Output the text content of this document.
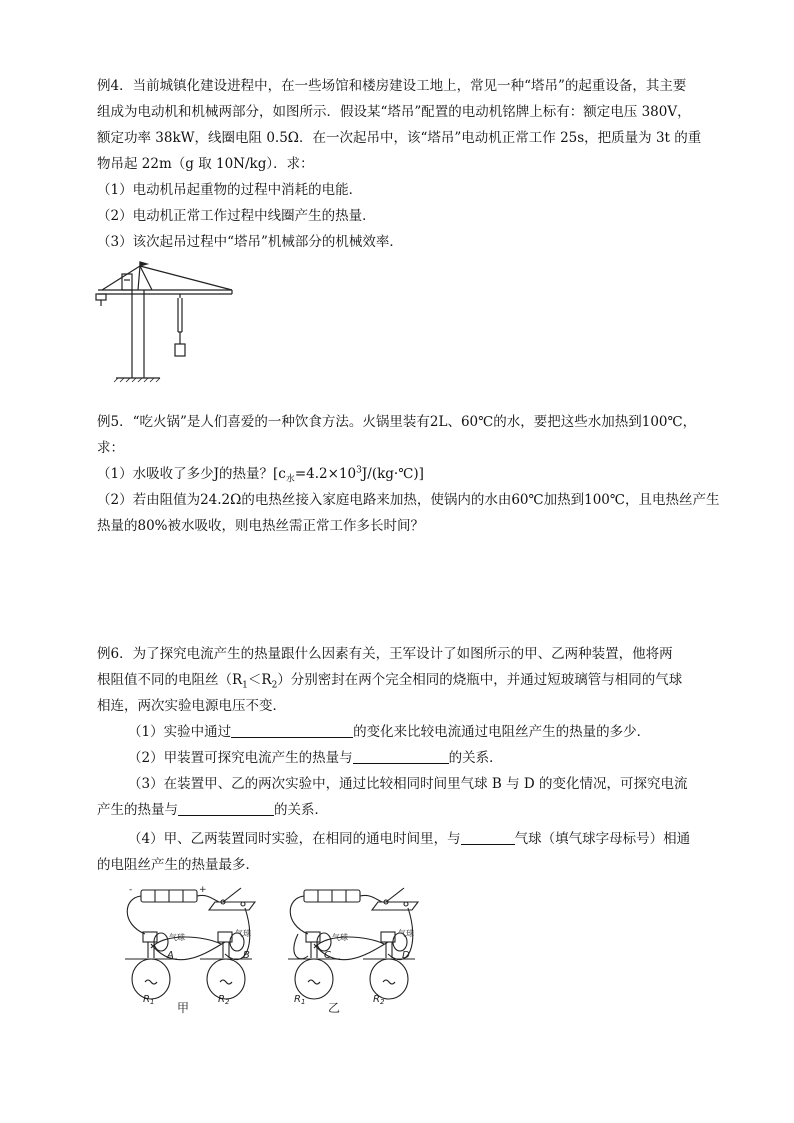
例4．当前城镇化建设进程中，在一些场馆和楼房建设工地上，常见一种“塔吊”的起重设备，其主要
组成为电动机和机械两部分，如图所示．假设某“塔吊”配置的电动机铭牌上标有：额定电压 380V，
额定功率 38kW，线圈电阻 0.5Ω．在一次起吊中，该“塔吊”电动机正常工作 25s，把质量为 3t 的重
物吊起 22m（g 取 10N/kg）．求：
（1）电动机吊起重物的过程中消耗的电能．
（2）电动机正常工作过程中线圈产生的热量．
（3）该次起吊过程中“塔吊”机械部分的机械效率．
例5．“吃火锅”是人们喜爱的一种饮食方法。火锅里装有2L、60℃的水，要把这些水加热到100℃，
求：
（1）水吸收了多少J的热量？$[c_水=4.2\times 10^3J/(kg\cdot℃)]$
（2）若由阻值为24.2Ω的电热丝接入家庭电路来加热，使锅内的水由60℃加热到100℃，且电热丝产生
热量的80%被水吸收，则电热丝需正常工作多长时间？
例6．为了探究电流产生的热量跟什么因素有关，王军设计了如图所示的甲、乙两种装置，他将两
根阻值不同的电阻丝$(R_1<R_2)$分别密封在两个完全相同的烧瓶中，并通过短玻璃管与相同的气球
相连，两次实验电源电压不变．
（1）实验中通过	的变化来比较电流通过电阻丝产生的热量的多少．
（2）甲装置可探究电流产生的热量与	的关系．
（3）在装置甲、乙的两次实验中，通过比较相同时间里气球 B 与 D 的变化情况，可探究电流
产生的热量与	的关系．
（4）甲、乙两装置同时实验，在相同的通电时间里，与	气球（填气球字母标号）相通
的电阻丝产生的热量最多．
-	+
气球	气球
A	B
$R_1$	$R_2$
甲
气球	气球
C	D
$R_1$	$R_2$
乙
